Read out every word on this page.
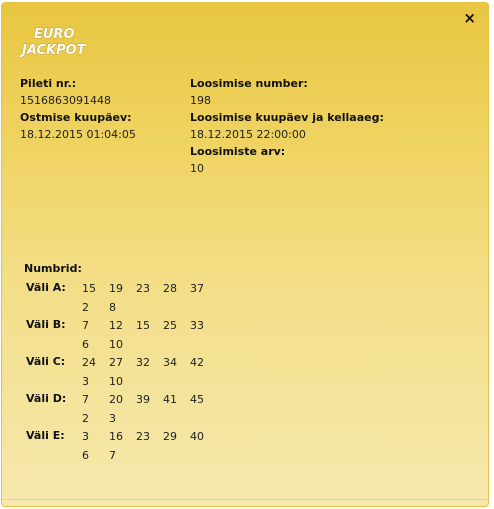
×
EURO
JACKPOT
Pileti nr.:
1516863091448
Ostmise kuupäev:
18.12.2015 01:04:05
Loosimise number:
198
Loosimise kuupäev ja kellaaeg:
18.12.2015 22:00:00
Loosimiste arv:
10
Numbrid:
Väli A:	15	19	23	28	37
2	8
Väli B:	7	12	15	25	33
6	10
Väli C:	24	27	32	34	42
3	10
Väli D:	7	20	39	41	45
2	3
Väli E:	3	16	23	29	40
6	7
